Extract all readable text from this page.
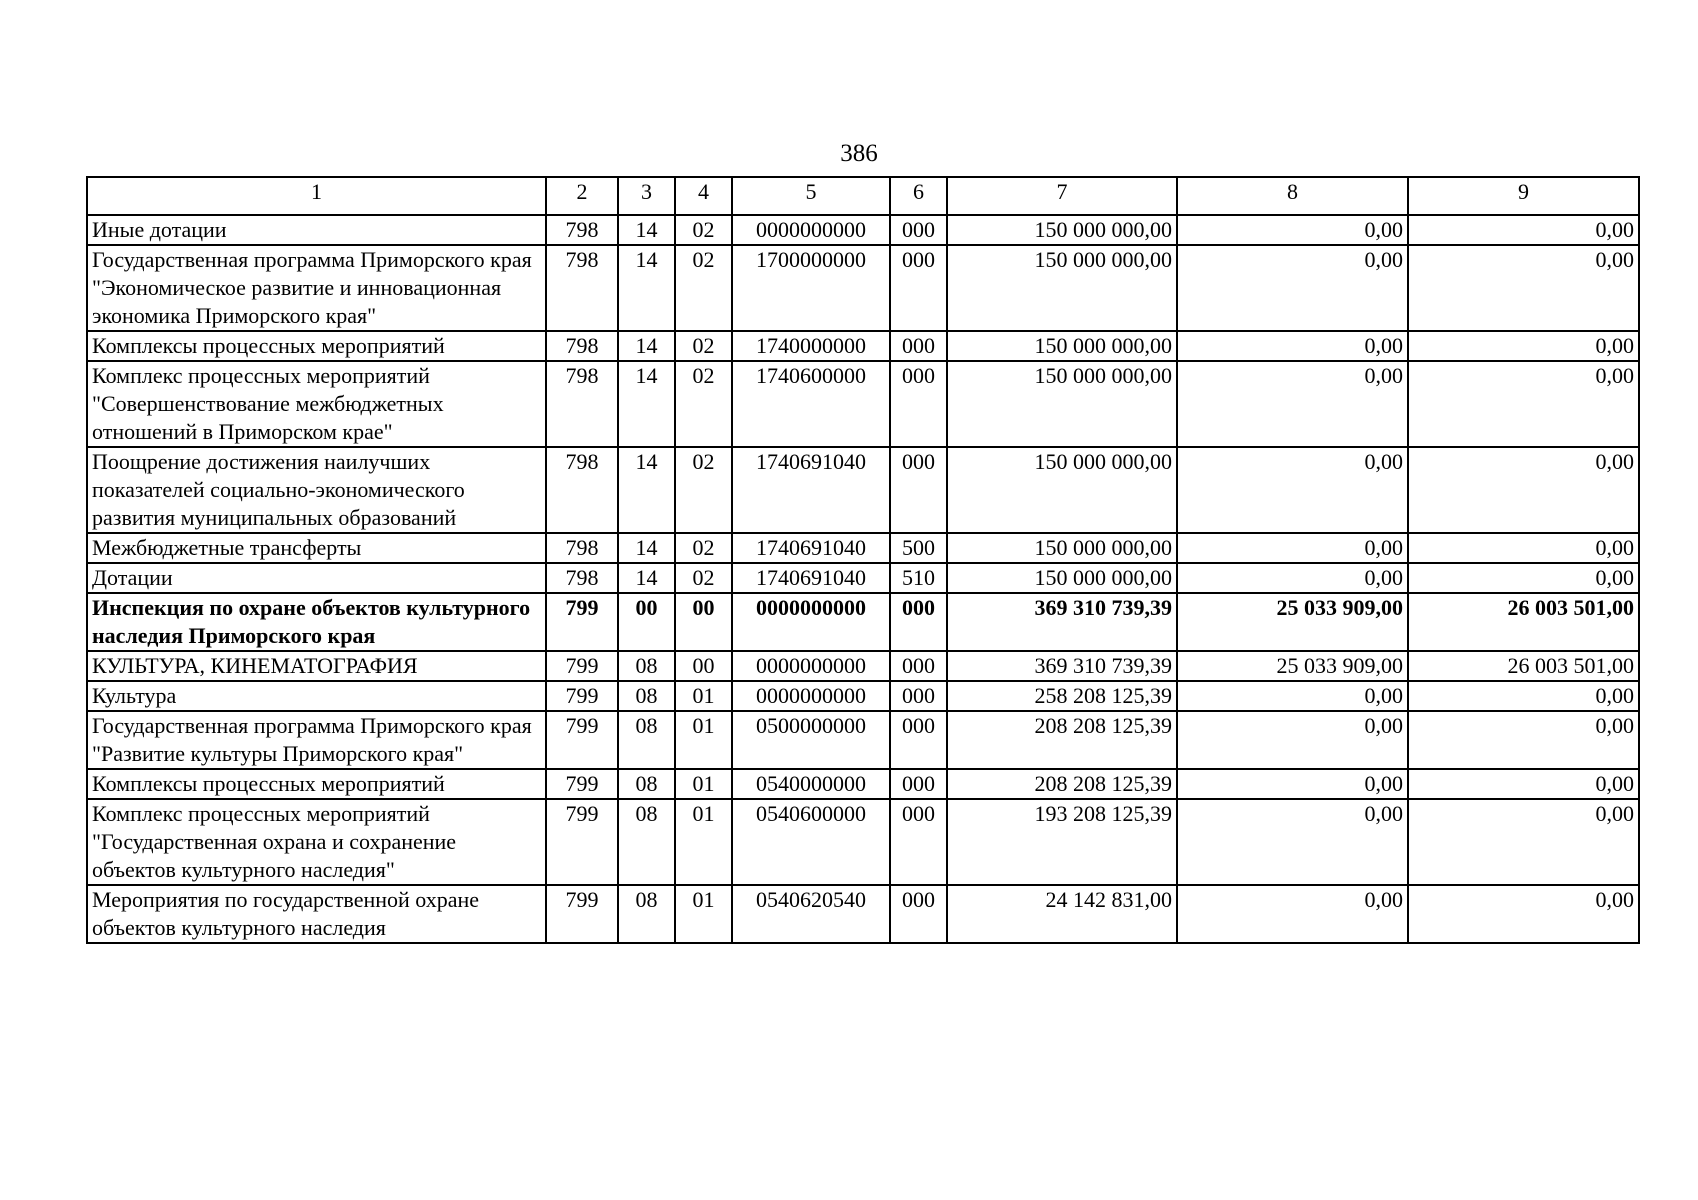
386
1	2	3	4	5	6	7	8	9
Иные дотации	798	14	02	0000000000	000	150 000 000,00	0,00	0,00
Государственная программа Приморского края "Экономическое развитие и инновационная экономика Приморского края"	798	14	02	1700000000	000	150 000 000,00	0,00	0,00
Комплексы процессных мероприятий	798	14	02	1740000000	000	150 000 000,00	0,00	0,00
Комплекс процессных мероприятий "Совершенствование межбюджетных отношений в Приморском крае"	798	14	02	1740600000	000	150 000 000,00	0,00	0,00
Поощрение достижения наилучших показателей социально-экономического развития муниципальных образований	798	14	02	1740691040	000	150 000 000,00	0,00	0,00
Межбюджетные трансферты	798	14	02	1740691040	500	150 000 000,00	0,00	0,00
Дотации	798	14	02	1740691040	510	150 000 000,00	0,00	0,00
Инспекция по охране объектов культурного наследия Приморского края	799	00	00	0000000000	000	369 310 739,39	25 033 909,00	26 003 501,00
КУЛЬТУРА, КИНЕМАТОГРАФИЯ	799	08	00	0000000000	000	369 310 739,39	25 033 909,00	26 003 501,00
Культура	799	08	01	0000000000	000	258 208 125,39	0,00	0,00
Государственная программа Приморского края "Развитие культуры Приморского края"	799	08	01	0500000000	000	208 208 125,39	0,00	0,00
Комплексы процессных мероприятий	799	08	01	0540000000	000	208 208 125,39	0,00	0,00
Комплекс процессных мероприятий "Государственная охрана и сохранение объектов культурного наследия"	799	08	01	0540600000	000	193 208 125,39	0,00	0,00
Мероприятия по государственной охране объектов культурного наследия	799	08	01	0540620540	000	24 142 831,00	0,00	0,00
